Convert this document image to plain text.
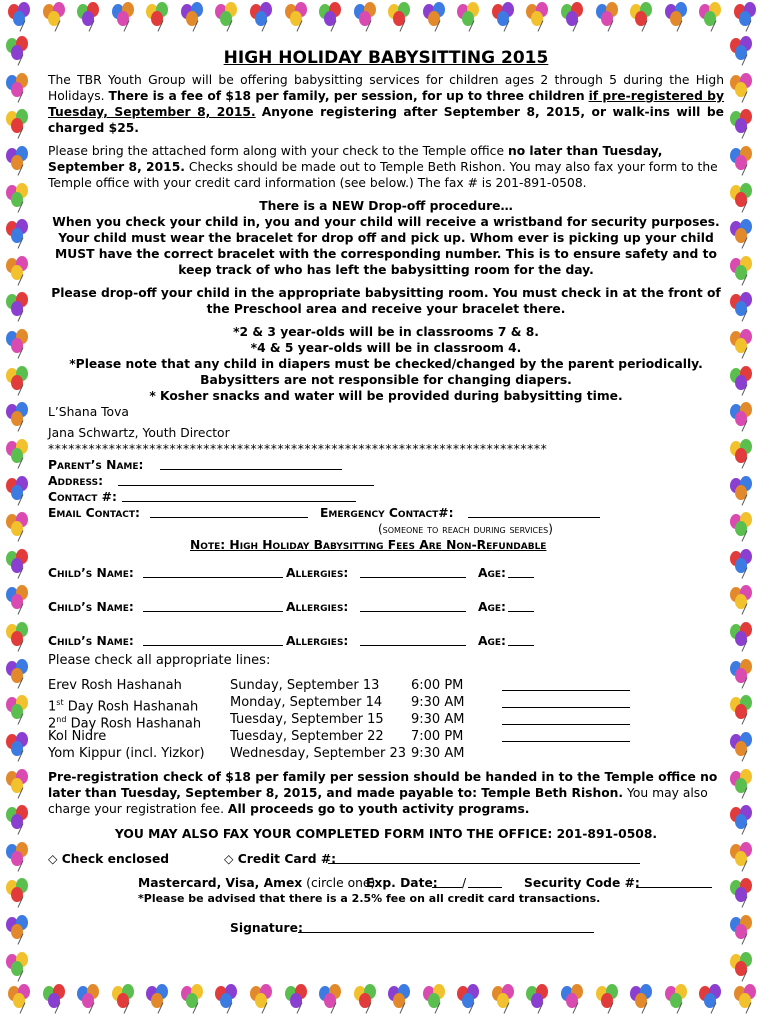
HIGH HOLIDAY BABYSITTING 2015

The TBR Youth Group will be offering babysitting services for children ages 2 through 5 during the High Holidays. There is a fee of $18 per family, per session, for up to three children if pre-registered by Tuesday, September 8, 2015. Anyone registering after September 8, 2015, or walk-ins will be charged $25.

Please bring the attached form along with your check to the Temple office no later than Tuesday, September 8, 2015. Checks should be made out to Temple Beth Rishon. You may also fax your form to the Temple office with your credit card information (see below.) The fax # is 201-891-0508.

There is a NEW Drop-off procedure…

When you check your child in, you and your child will receive a wristband for security purposes. Your child must wear the bracelet for drop off and pick up. Whom ever is picking up your child MUST have the correct bracelet with the corresponding number. This is to ensure safety and to keep track of who has left the babysitting room for the day.

Please drop-off your child in the appropriate babysitting room. You must check in at the front of the Preschool area and receive your bracelet there.

*2 & 3 year-olds will be in classrooms 7 & 8.

*4 & 5 year-olds will be in classroom 4.

*Please note that any child in diapers must be checked/changed by the parent periodically.

Babysitters are not responsible for changing diapers.

* Kosher snacks and water will be provided during babysitting time.

L’Shana Tova

Jana Schwartz, Youth Director

**************************************************************************

Parent’s Name:
Address:
Contact #:
Email Contact:	Emergency Contact#:
(someone to reach during services)
Note: High Holiday Babysitting Fees Are Non-Refundable
Child’s Name:	Allergies:	Age:
Child’s Name:	Allergies:	Age:
Child’s Name:	Allergies:	Age:

Please check all appropriate lines:

Erev Rosh Hashanah	Sunday, September 13 6:00 PM
1st Day Rosh Hashanah Monday, September 14 9:30 AM
2nd Day Rosh Hashanah Tuesday, September 15 9:30 AM
Kol Nidre	Tuesday, September 22 7:00 PM
Yom Kippur (incl. Yizkor) Wednesday, September 23 9:30 AM

Pre-registration check of $18 per family per session should be handed in to the Temple office no later than Tuesday, September 8, 2015, and made payable to: Temple Beth Rishon. You may also charge your registration fee. All proceeds go to youth activity programs.

YOU MAY ALSO FAX YOUR COMPLETED FORM INTO THE OFFICE: 201-891-0508.

◇ Check enclosed	◇ Credit Card #:
Mastercard, Visa, Amex (circle one)
Exp. Date: /	Security Code #:
*Please be advised that there is a 2.5% fee on all credit card transactions.
Signature:
